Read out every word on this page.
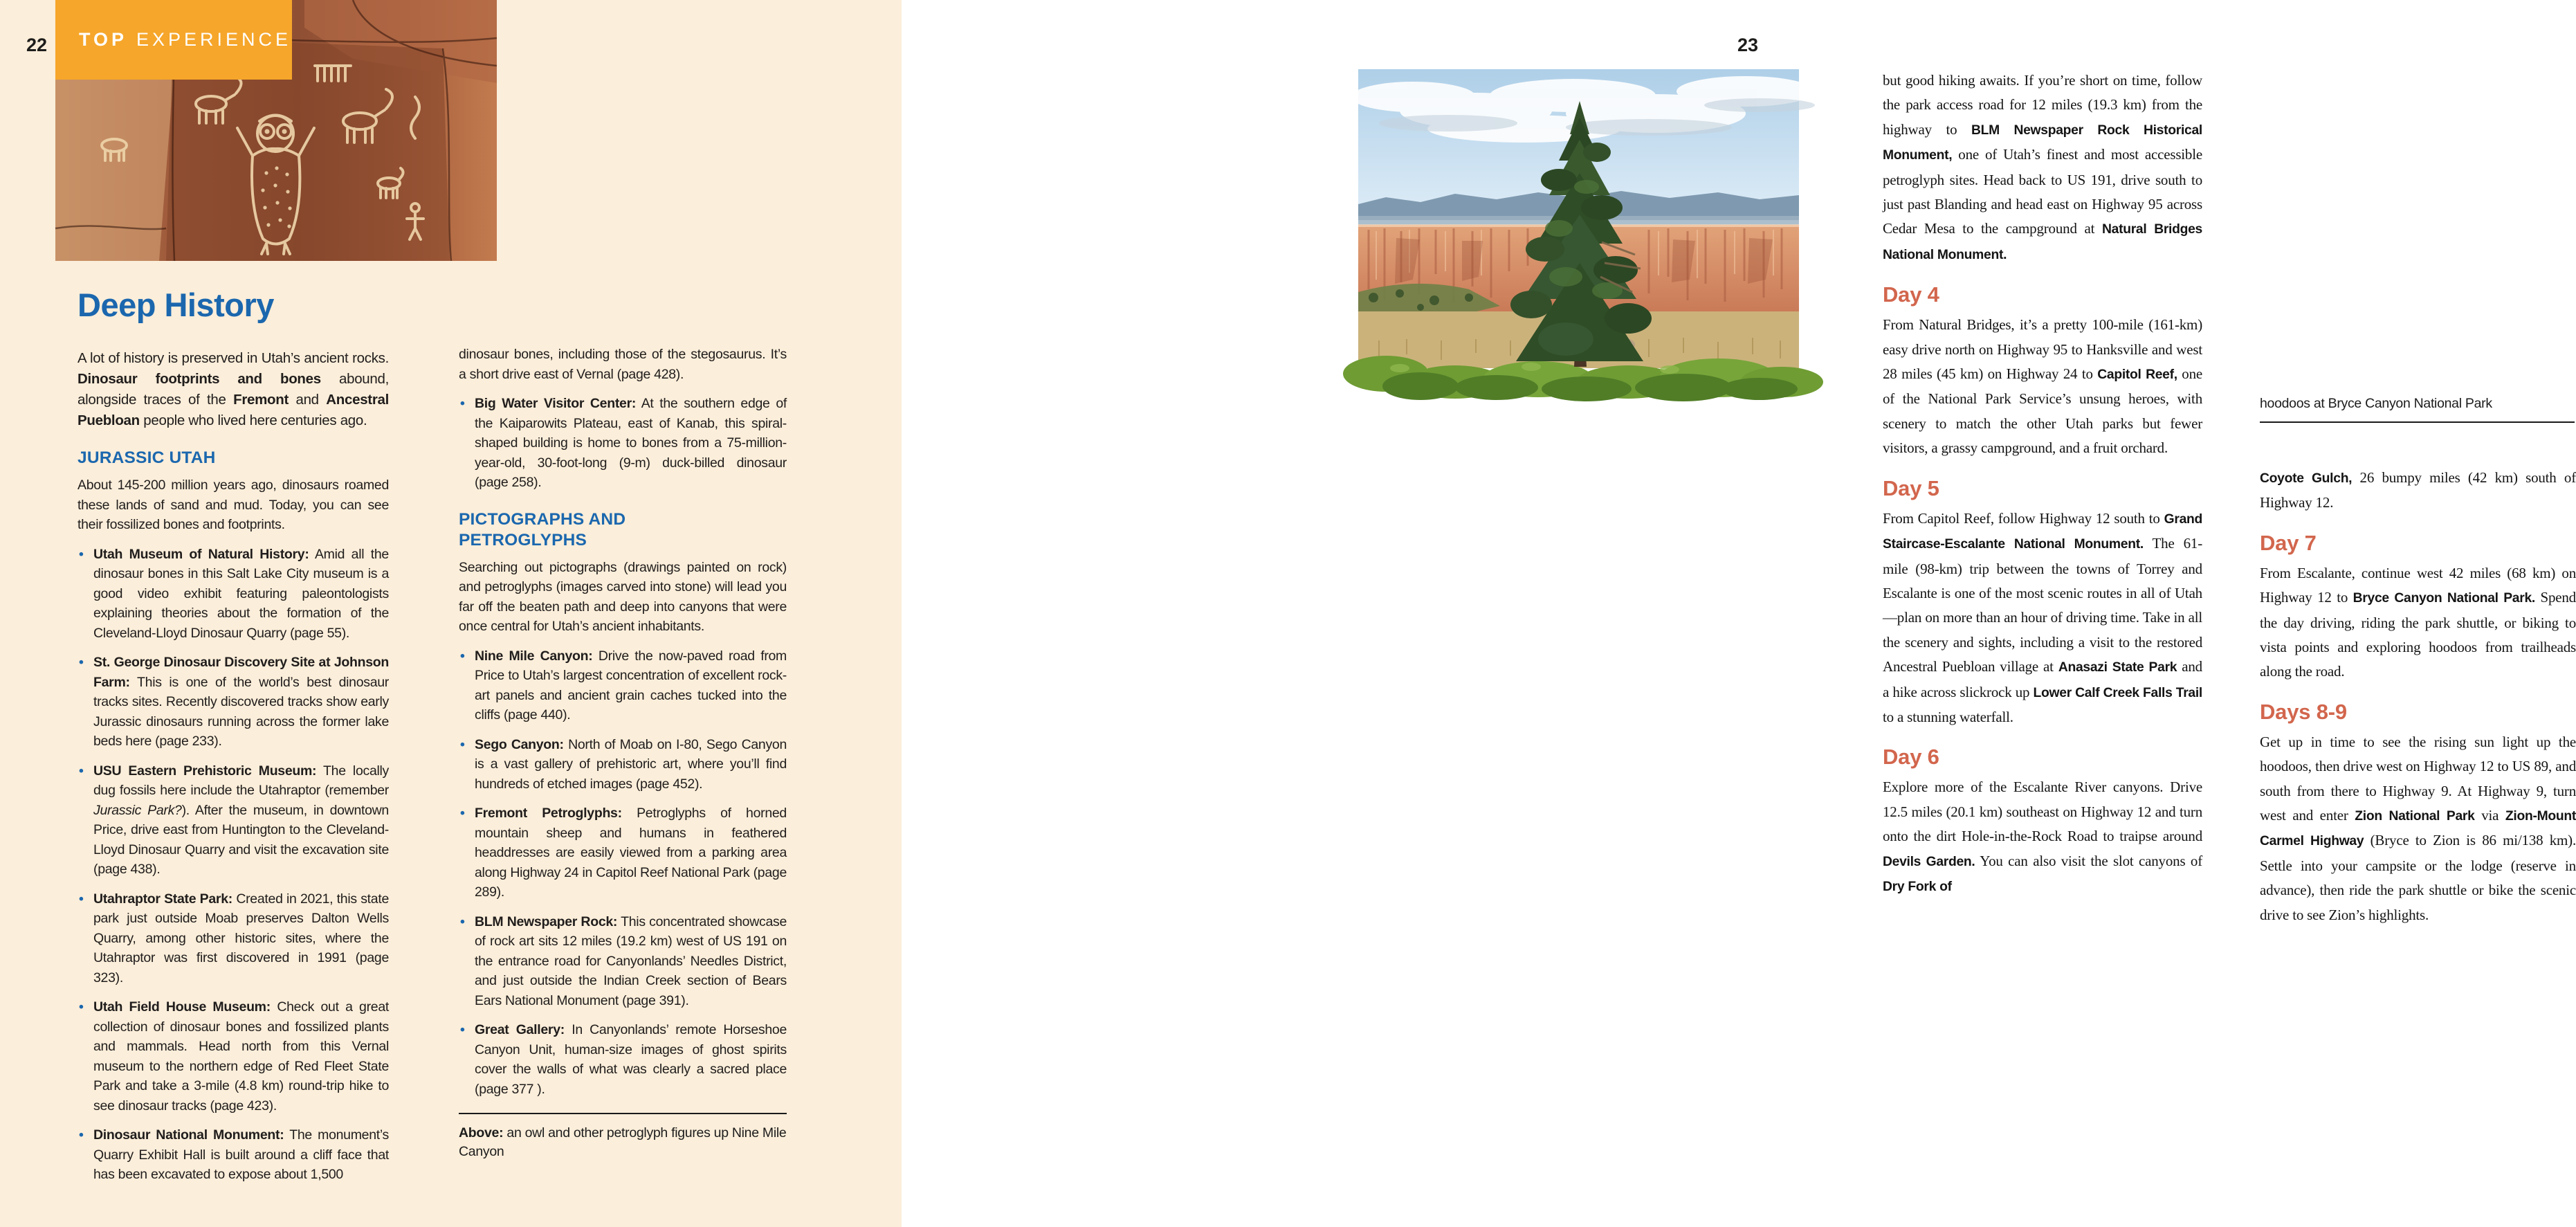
22 TOP EXPERIENCE
Deep History

A lot of history is preserved in Utah’s ancient rocks. Dinosaur footprints and bones abound, alongside traces of the Fremont and Ancestral Puebloan people who lived here centuries ago.

JURASSIC UTAH

About 145-200 million years ago, dinosaurs roamed these lands of sand and mud. Today, you can see their fossilized bones and footprints.

• Utah Museum of Natural History: Amid all the dinosaur bones in this Salt Lake City museum is a good video exhibit featuring paleontologists explaining theories about the formation of the Cleveland-Lloyd Dinosaur Quarry (page 55).
• St. George Dinosaur Discovery Site at Johnson Farm: This is one of the world’s best dinosaur tracks sites. Recently discovered tracks show early Jurassic dinosaurs running across the former lake beds here (page 233).
• USU Eastern Prehistoric Museum: The locally dug fossils here include the Utahraptor (remember Jurassic Park?). After the museum, in downtown Price, drive east from Huntington to the Cleveland-Lloyd Dinosaur Quarry and visit the excavation site (page 438).
• Utahraptor State Park: Created in 2021, this state park just outside Moab preserves Dalton Wells Quarry, among other historic sites, where the Utahraptor was first discovered in 1991 (page 323).
• Utah Field House Museum: Check out a great collection of dinosaur bones and fossilized plants and mammals. Head north from this Vernal museum to the northern edge of Red Fleet State Park and take a 3-mile (4.8 km) round-trip hike to see dinosaur tracks (page 423).
• Dinosaur National Monument: The monument’s Quarry Exhibit Hall is built around a cliff face that has been excavated to expose about 1,500

dinosaur bones, including those of the stegosaurus. It’s a short drive east of Vernal (page 428).

• Big Water Visitor Center: At the southern edge of the Kaiparowits Plateau, east of Kanab, this spiral-shaped building is home to bones from a 75-million-year-old, 30-foot-long (9-m) duck-billed dinosaur (page 258).
PICTOGRAPHS AND PETROGLYPHS

Searching out pictographs (drawings painted on rock) and petroglyphs (images carved into stone) will lead you far off the beaten path and deep into canyons that were once central for Utah’s ancient inhabitants.

• Nine Mile Canyon: Drive the now-paved road from Price to Utah’s largest concentration of excellent rock-art panels and ancient grain caches tucked into the cliffs (page 440).
• Sego Canyon: North of Moab on I-80, Sego Canyon is a vast gallery of prehistoric art, where you’ll find hundreds of etched images (page 452).
• Fremont Petroglyphs: Petroglyphs of horned mountain sheep and humans in feathered headdresses are easily viewed from a parking area along Highway 24 in Capitol Reef National Park (page 289).
• BLM Newspaper Rock: This concentrated showcase of rock art sits 12 miles (19.2 km) west of US 191 on the entrance road for Canyonlands’ Needles District, and just outside the Indian Creek section of Bears Ears National Monument (page 391).
• Great Gallery: In Canyonlands’ remote Horseshoe Canyon Unit, human-size images of ghost spirits cover the walls of what was clearly a sacred place (page 377 ).

Above: an owl and other petroglyph figures up Nine Mile Canyon

23

but good hiking awaits. If you’re short on time, follow the park access road for 12 miles (19.3 km) from the highway to BLM Newspaper Rock Historical Monument, one of Utah’s finest and most accessible petroglyph sites. Head back to US 191, drive south to just past Blanding and head east on Highway 95 across Cedar Mesa to the campground at Natural Bridges National Monument.

Day 4

From Natural Bridges, it’s a pretty 100-mile (161-km) easy drive north on Highway 95 to Hanksville and west 28 miles (45 km) on Highway 24 to Capitol Reef, one of the National Park Service’s unsung heroes, with scenery to match the other Utah parks but fewer visitors, a grassy campground, and a fruit orchard.

Day 5

From Capitol Reef, follow Highway 12 south to Grand Staircase-Escalante National Monument. The 61-mile (98-km) trip between the towns of Torrey and Escalante is one of the most scenic routes in all of Utah—plan on more than an hour of driving time. Take in all the scenery and sights, including a visit to the restored Ancestral Puebloan village at Anasazi State Park and a hike across slickrock up Lower Calf Creek Falls Trail to a stunning waterfall.

Day 6

Explore more of the Escalante River canyons. Drive 12.5 miles (20.1 km) southeast on Highway 12 and turn onto the dirt Hole-in-the-Rock Road to traipse around Devils Garden. You can also visit the slot canyons of Dry Fork of

hoodoos at Bryce Canyon National Park

Coyote Gulch, 26 bumpy miles (42 km) south of Highway 12.

Day 7

From Escalante, continue west 42 miles (68 km) on Highway 12 to Bryce Canyon National Park. Spend the day driving, riding the park shuttle, or biking to vista points and exploring hoodoos from trailheads along the road.

Days 8-9

Get up in time to see the rising sun light up the hoodoos, then drive west on Highway 12 to US 89, and south from there to Highway 9. At Highway 9, turn west and enter Zion National Park via Zion-Mount Carmel Highway (Bryce to Zion is 86 mi/138 km). Settle into your campsite or the lodge (reserve in advance), then ride the park shuttle or bike the scenic drive to see Zion’s highlights.
